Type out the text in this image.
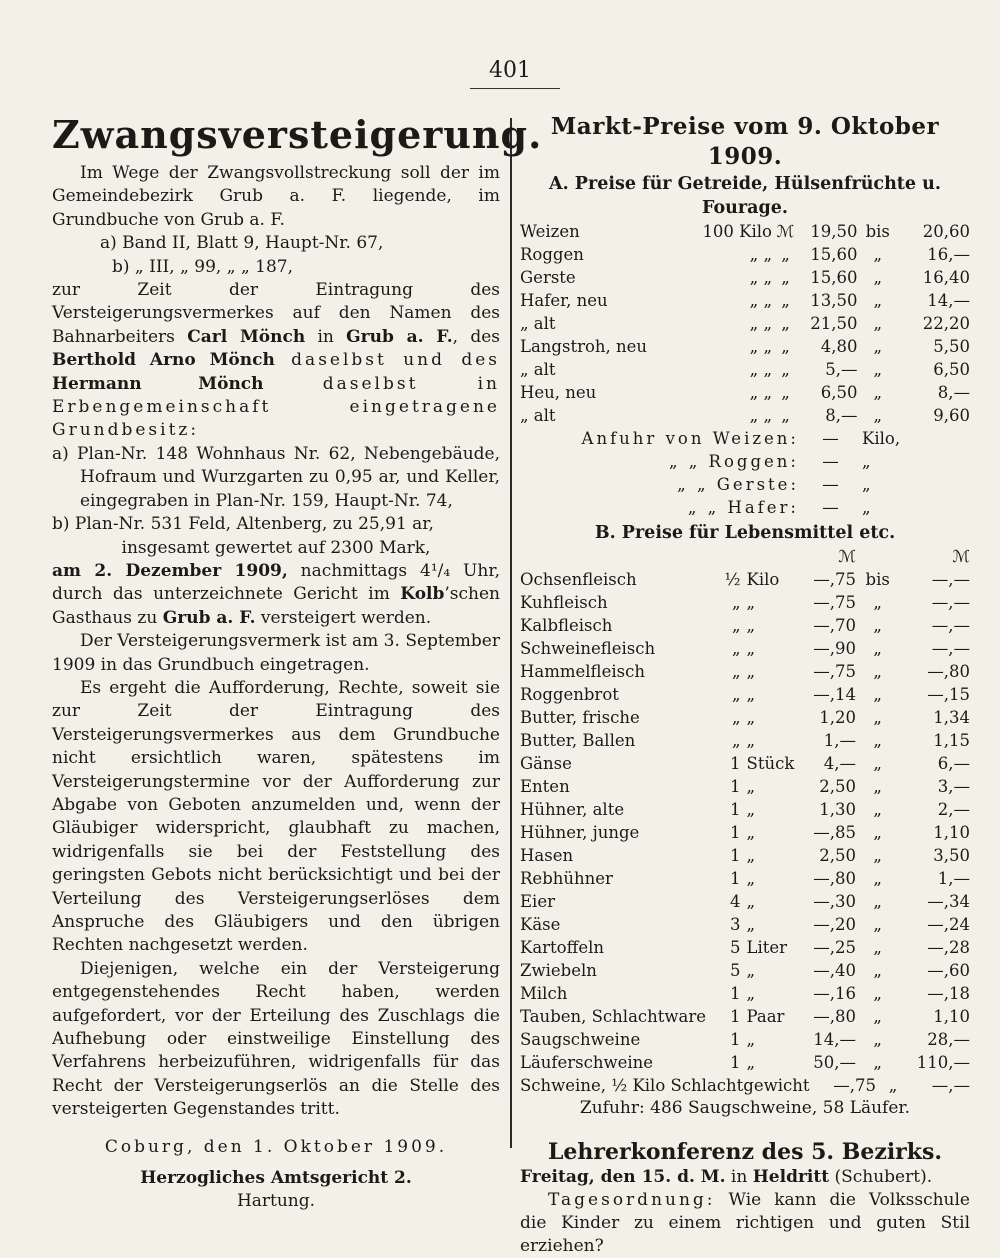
401
Zwangsversteigerung.

Im Wege der Zwangsvollstreckung soll der im Gemeindebezirk Grub a. F. liegende, im Grundbuche von Grub a. F.

a) Band II, Blatt 9, Haupt-Nr. 67,
b) „ III, „ 99, „ „ 187,

zur Zeit der Eintragung des Versteigerungsvermerkes auf den Namen des Bahnarbeiters Carl Mönch in Grub a. F., des Berthold Arno Mönch daselbst und des Hermann Mönch daselbst in Erbengemeinschaft eingetragene Grundbesitz:

a) Plan-Nr. 148 Wohnhaus Nr. 62, Nebengebäude, Hofraum und Wurzgarten zu 0,95 ar, und Keller, eingegraben in Plan-Nr. 159, Haupt-Nr. 74,

b) Plan-Nr. 531 Feld, Altenberg, zu 25,91 ar,

insgesamt gewertet auf 2300 Mark,

am 2. Dezember 1909, nachmittags 4¹/₄ Uhr, durch das unterzeichnete Gericht im Kolb’schen Gasthaus zu Grub a. F. versteigert werden.

Der Versteigerungsvermerk ist am 3. September 1909 in das Grundbuch eingetragen.

Es ergeht die Aufforderung, Rechte, soweit sie zur Zeit der Eintragung des Versteigerungsvermerkes aus dem Grundbuche nicht ersichtlich waren, spätestens im Versteigerungstermine vor der Aufforderung zur Abgabe von Geboten anzumelden und, wenn der Gläubiger widerspricht, glaubhaft zu machen, widrigenfalls sie bei der Feststellung des geringsten Gebots nicht berücksichtigt und bei der Verteilung des Versteigerungserlöses dem Anspruche des Gläubigers und den übrigen Rechten nachgesetzt werden.

Diejenigen, welche ein der Versteigerung entgegenstehendes Recht haben, werden aufgefordert, vor der Erteilung des Zuschlags die Aufhebung oder einstweilige Einstellung des Verfahrens herbeizuführen, widrigenfalls für das Recht der Versteigerungserlös an die Stelle des versteigerten Gegenstandes tritt.

Coburg, den 1. Oktober 1909.
Herzogliches Amtsgericht 2.
Hartung.
Markt-Preise vom 9. Oktober 1909.
A. Preise für Getreide, Hülsenfrüchte u. Fourage.
Weizen	100 Kilo	ℳ	19,50	bis	20,60
Roggen	„ „	„	15,60	„	16,—
Gerste	„ „	„	15,60	„	16,40
Hafer, neu	„ „	„	13,50	„	14,—
„ alt	„ „	„	21,50	„	22,20
Langstroh, neu	„ „	„	4,80	„	5,50
„ alt	„ „	„	5,—	„	6,50
Heu, neu	„ „	„	6,50	„	8,—
„ alt	„ „	„	8,—	„	9,60
Anfuhr von Weizen:	—	Kilo,
„ „ Roggen:	—	„
„ „ Gerste:	—	„
„ „ Hafer:	—	„
B. Preise für Lebensmittel etc.
			ℳ		ℳ
Ochsenfleisch	½	Kilo	—,75	bis	—,—
Kuhfleisch	„	„	—,75	„	—,—
Kalbfleisch	„	„	—,70	„	—,—
Schweinefleisch	„	„	—,90	„	—,—
Hammelfleisch	„	„	—,75	„	—,80
Roggenbrot	„	„	—,14	„	—,15
Butter, frische	„	„	1,20	„	1,34
Butter, Ballen	„	„	1,—	„	1,15
Gänse	1	Stück	4,—	„	6,—
Enten	1	„	2,50	„	3,—
Hühner, alte	1	„	1,30	„	2,—
Hühner, junge	1	„	—,85	„	1,10
Hasen	1	„	2,50	„	3,50
Rebhühner	1	„	—,80	„	1,—
Eier	4	„	—,30	„	—,34
Käse	3	„	—,20	„	—,24
Kartoffeln	5	Liter	—,25	„	—,28
Zwiebeln	5	„	—,40	„	—,60
Milch	1	„	—,16	„	—,18
Tauben, Schlachtware	1	Paar	—,80	„	1,10
Saugschweine	1	„	14,—	„	28,—
Läuferschweine	1	„	50,—	„	110,—
Schweine, ½ Kilo Schlachtgewicht	—,75	„	—,—
Zufuhr: 486 Saugschweine, 58 Läufer.
Lehrerkonferenz des 5. Bezirks.

Freitag, den 15. d. M. in Heldritt (Schubert).

Tagesordnung: Wie kann die Volksschule die Kinder zu einem richtigen und guten Stil erziehen?
